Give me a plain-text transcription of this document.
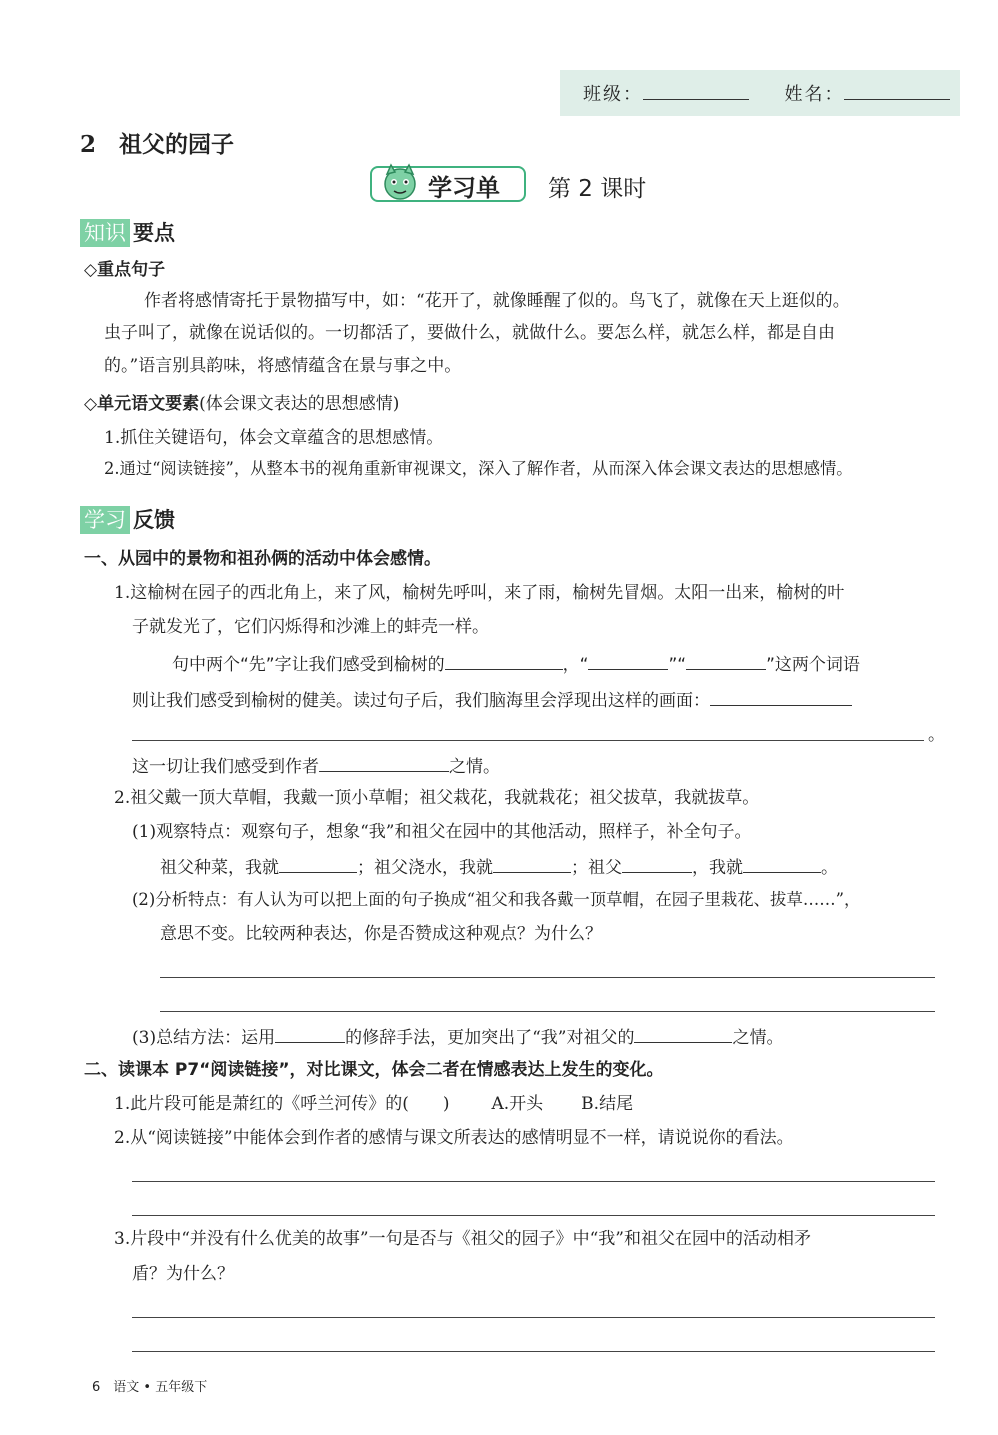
班级：	姓名：
2　祖父的园子
学习单 第 2 课时
知识 要点
◇重点句子
作者将感情寄托于景物描写中，如：“花开了，就像睡醒了似的。鸟飞了，就像在天上逛似的。
虫子叫了，就像在说话似的。一切都活了，要做什么，就做什么。要怎么样，就怎么样，都是自由
的。”语言别具韵味，将感情蕴含在景与事之中。
◇单元语文要素(体会课文表达的思想感情)
1.抓住关键语句，体会文章蕴含的思想感情。
2.通过“阅读链接”，从整本书的视角重新审视课文，深入了解作者，从而深入体会课文表达的思想感情。
学习 反馈
一、从园中的景物和祖孙俩的活动中体会感情。
1.这榆树在园子的西北角上，来了风，榆树先呼叫，来了雨，榆树先冒烟。太阳一出来，榆树的叶
子就发光了，它们闪烁得和沙滩上的蚌壳一样。
句中两个“先”字让我们感受到榆树的	，“	”“	”这两个词语
则让我们感受到榆树的健美。读过句子后，我们脑海里会浮现出这样的画面：
。
这一切让我们感受到作者	之情。
2.祖父戴一顶大草帽，我戴一顶小草帽；祖父栽花，我就栽花；祖父拔草，我就拔草。
(1)观察特点：观察句子，想象“我”和祖父在园中的其他活动，照样子，补全句子。
祖父种菜，我就	；祖父浇水，我就	；祖父	，我就	。
(2)分析特点：有人认为可以把上面的句子换成“祖父和我各戴一顶草帽，在园子里栽花、拔草……”，
意思不变。比较两种表达，你是否赞成这种观点？为什么？
(3)总结方法：运用	的修辞手法，更加突出了“我”对祖父的	之情。
二、读课本 P7“阅读链接”，对比课文，体会二者在情感表达上发生的变化。
1.此片段可能是萧红的《呼兰河传》的(　　) A.开头 B.结尾
2.从“阅读链接”中能体会到作者的感情与课文所表达的感情明显不一样，请说说你的看法。
3.片段中“并没有什么优美的故事”一句是否与《祖父的园子》中“我”和祖父在园中的活动相矛
盾？为什么？
6　语文 • 五年级下
